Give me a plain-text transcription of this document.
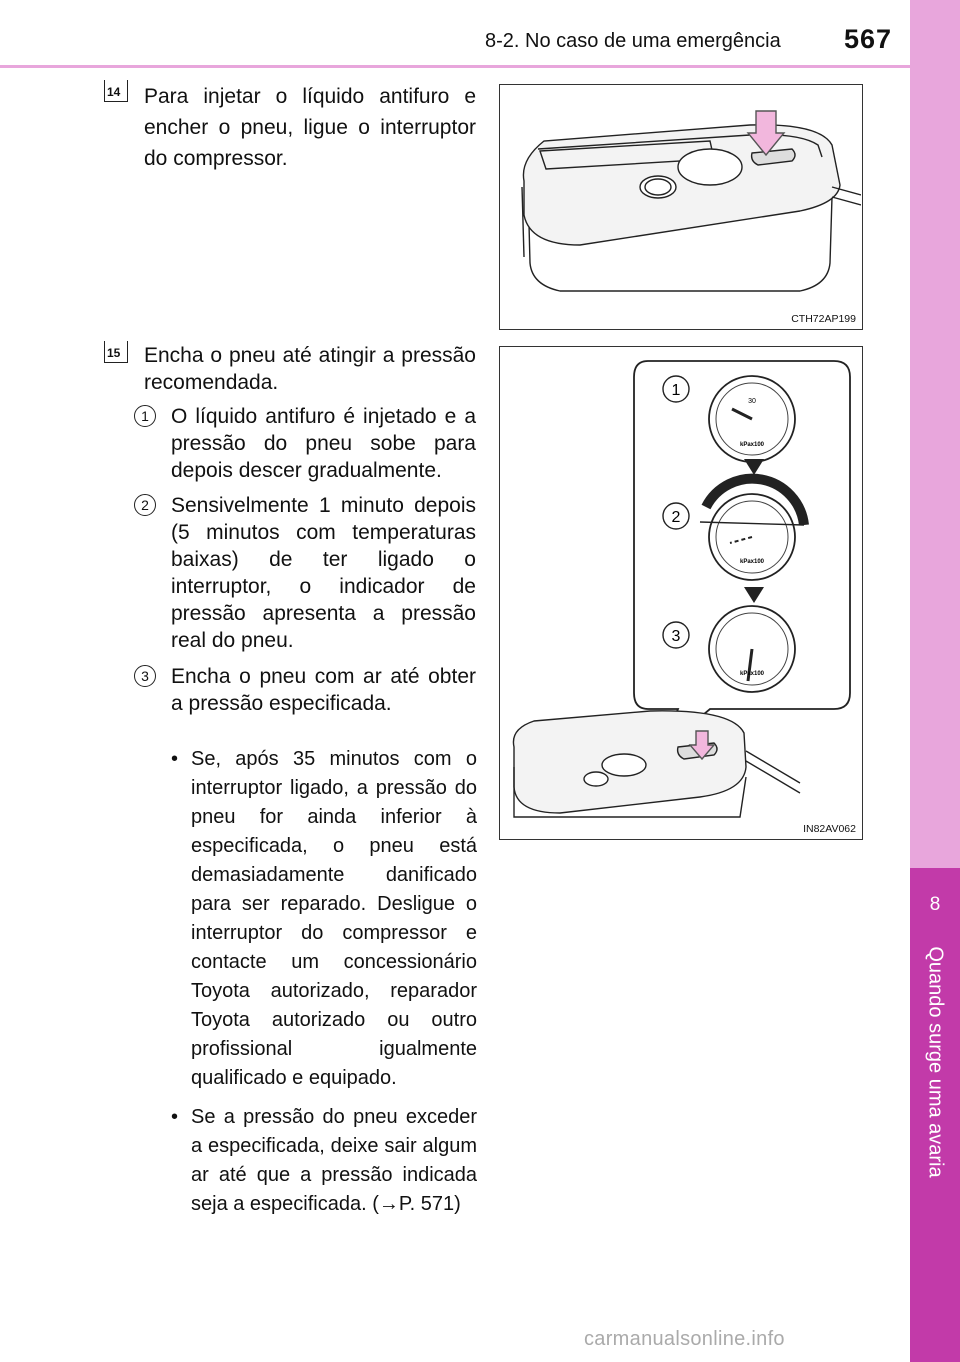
8-2. No caso de uma emergência 567
8
Quando surge uma avaria
14	Para injetar o líquido antifuro e encher o pneu, ligue o interruptor do compressor.
15	Encha o pneu até atingir a pressão recomendada.
1	O líquido antifuro é injetado e a pressão do pneu sobe para depois descer gradualmente.
2	Sensivelmente 1 minuto depois (5 minutos com temperaturas baixas) de ter ligado o interruptor, o indicador de pressão apresenta a pressão real do pneu.
3	Encha o pneu com ar até obter a pressão especificada.
• Se, após 35 minutos com o interruptor ligado, a pressão do pneu for ainda inferior à especificada, o pneu está demasiadamente danificado para ser reparado. Desligue o interruptor do compressor e contacte um concessionário Toyota autorizado, reparador Toyota autorizado ou outro profissional igualmente qualificado e equipado.
• Se a pressão do pneu exceder a especificada, deixe sair algum ar até que a pressão indicada seja a especificada. (→P. 571)
CTH72AP199
30
kPax100
kPax100
kPax100
1
2
3
IN82AV062
carmanualsonline.info
